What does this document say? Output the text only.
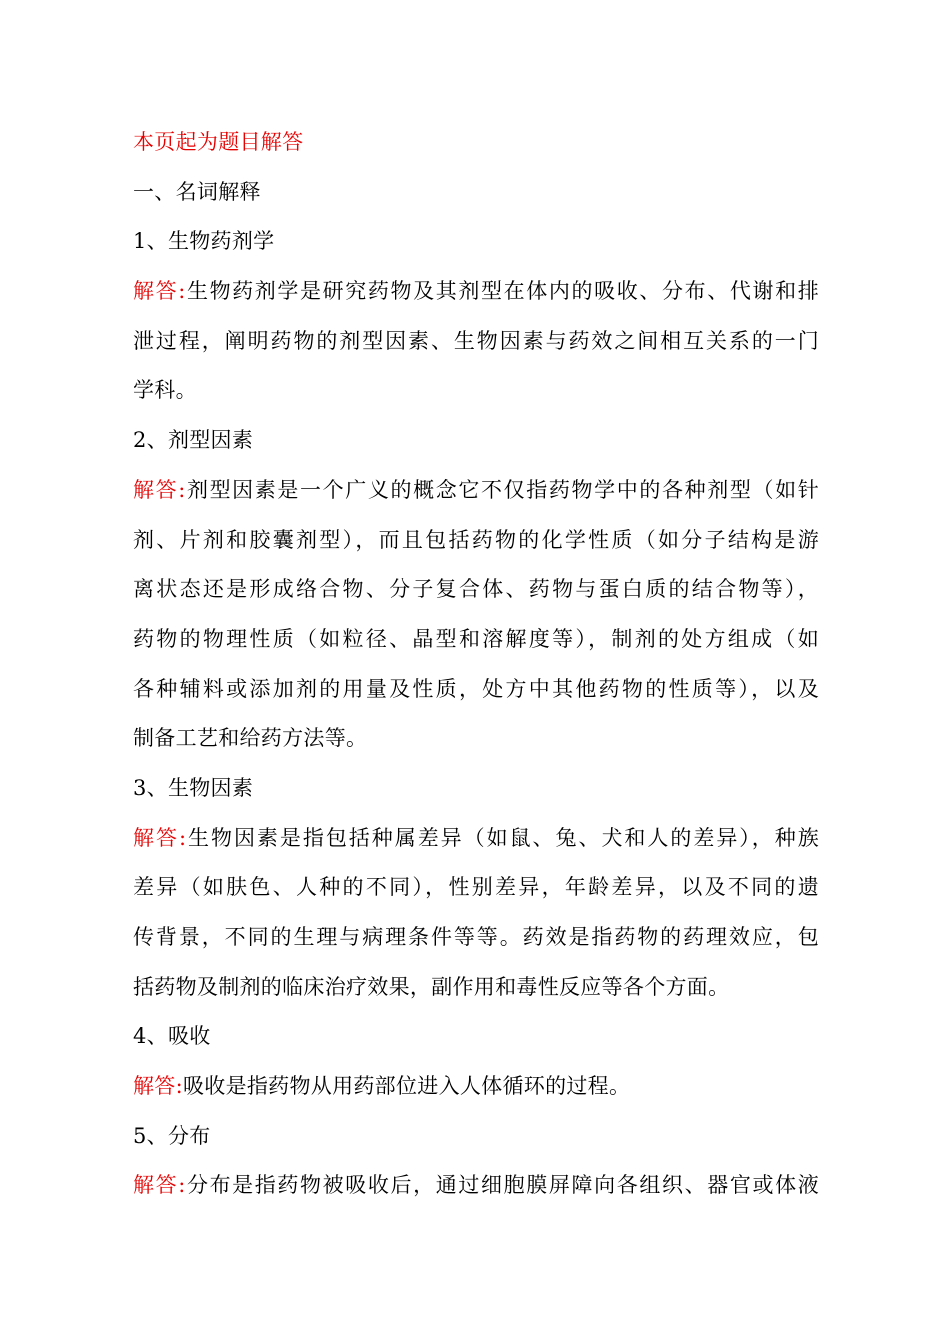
本页起为题目解答
一、名词解释
1、生物药剂学
解答:生物药剂学是研究药物及其剂型在体内的吸收、分布、代谢和排
泄过程，阐明药物的剂型因素、生物因素与药效之间相互关系的一门
学科。
2、剂型因素
解答:剂型因素是一个广义的概念它不仅指药物学中的各种剂型（如针
剂、片剂和胶囊剂型），而且包括药物的化学性质（如分子结构是游
离状态还是形成络合物、分子复合体、药物与蛋白质的结合物等），
药物的物理性质（如粒径、晶型和溶解度等），制剂的处方组成（如
各种辅料或添加剂的用量及性质，处方中其他药物的性质等），以及
制备工艺和给药方法等。
3、生物因素
解答:生物因素是指包括种属差异（如鼠、兔、犬和人的差异），种族
差异（如肤色、人种的不同），性别差异，年龄差异，以及不同的遗
传背景，不同的生理与病理条件等等。药效是指药物的药理效应，包
括药物及制剂的临床治疗效果，副作用和毒性反应等各个方面。
4、吸收
解答:吸收是指药物从用药部位进入人体循环的过程。
5、分布
解答:分布是指药物被吸收后，通过细胞膜屏障向各组织、器官或体液
